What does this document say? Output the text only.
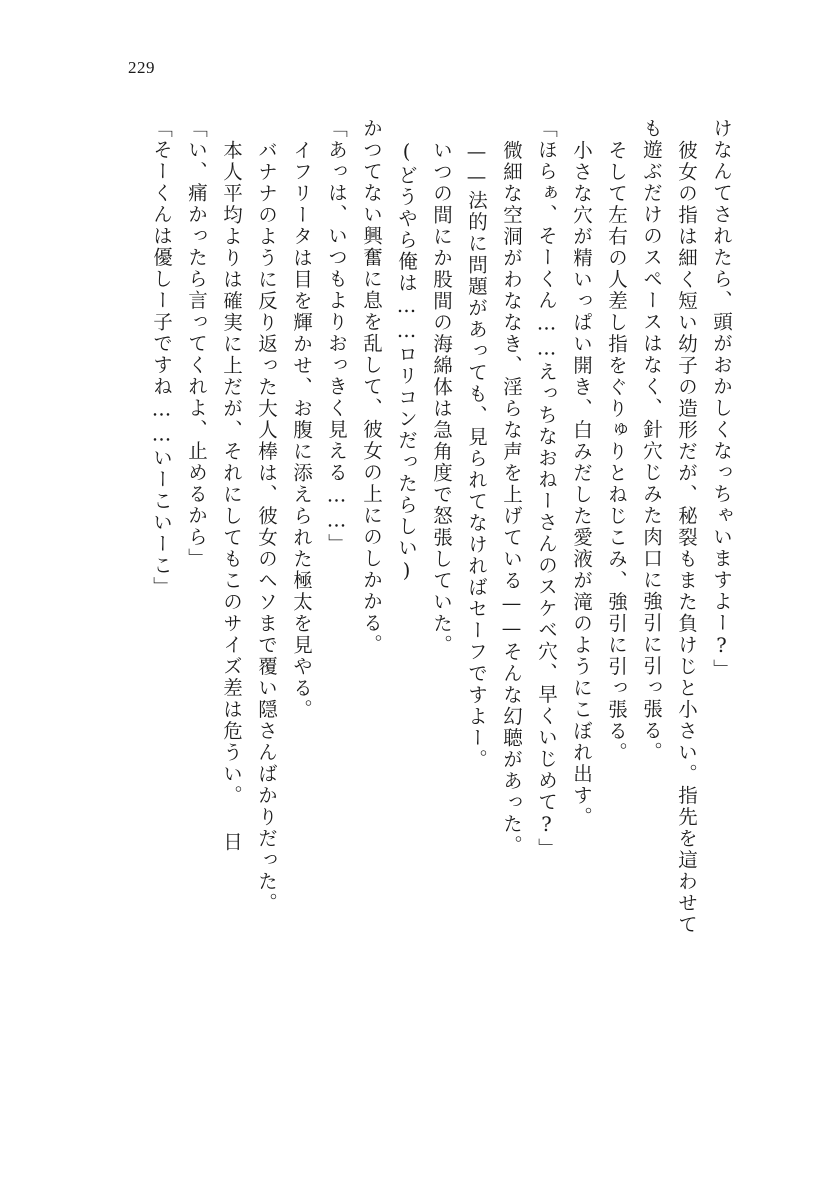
229
けなんてされたら、頭がおかしくなっちゃいますよー?」
彼女の指は細く短い幼子の造形だが、秘裂もまた負けじと小さい。指先を這わせて
も遊ぶだけのスペースはなく、針穴じみた肉口に強引に引っ張る。
そして左右の人差し指をぐりゅりとねじこみ、強引に引っ張る。
小さな穴が精いっぱい開き、白みだした愛液が滝のようにこぼれ出す。
「ほらぁ、そーくん……えっちなおねーさんのスケベ穴、早くいじめて?」
微細な空洞がわななき、淫らな声を上げている——そんな幻聴があった。
——法的に問題があっても、見られてなければセーフですよー。
いつの間にか股間の海綿体は急角度で怒張していた。
(どうやら俺は……ロリコンだったらしい)
かつてない興奮に息を乱して、彼女の上にのしかかる。
「あっは、いつもよりおっきく見える……」
イフリータは目を輝かせ、お腹に添えられた極太を見やる。
バナナのように反り返った大人棒は、彼女のヘソまで覆い隠さんばかりだった。
本人平均よりは確実に上だが、それにしてもこのサイズ差は危うい。 日
「い、痛かったら言ってくれよ、止めるから」
「そーくんは優しー子ですね……いーこいーこ」
